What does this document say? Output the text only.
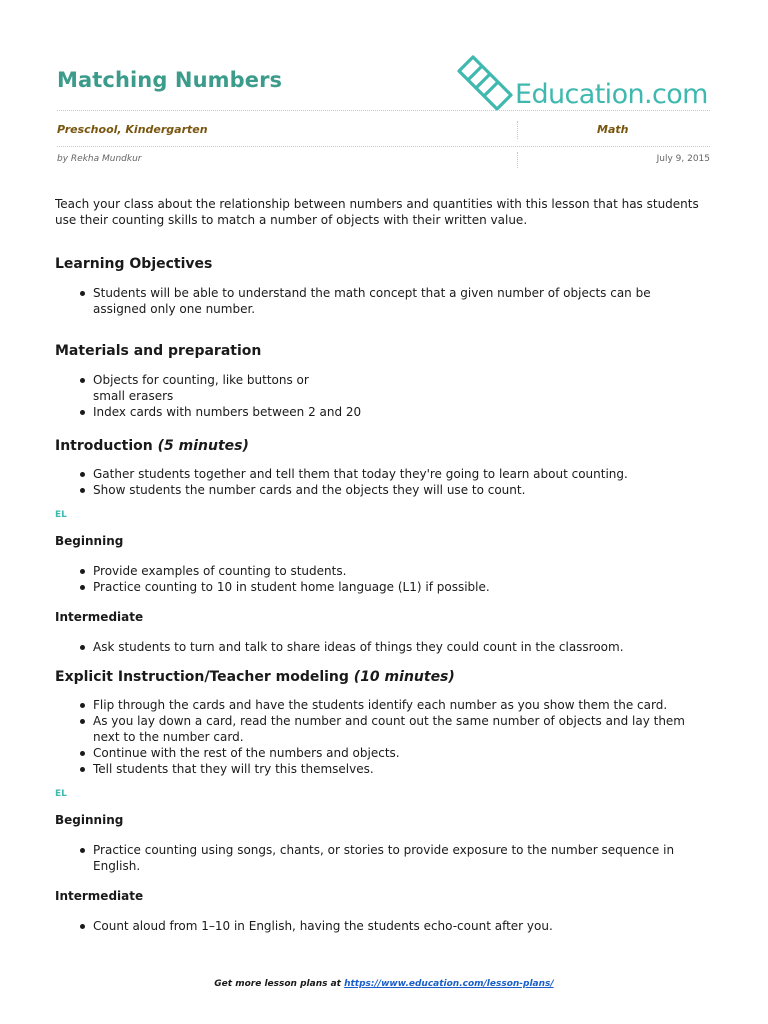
Matching Numbers	Education.com
Preschool, Kindergarten	Math
by Rekha Mundkur	July 9, 2015

Teach your class about the relationship between numbers and quantities with this lesson that has students use their counting skills to match a number of objects with their written value.

Learning Objectives
Students will be able to understand the math concept that a given number of objects can be assigned only one number.
Materials and preparation
Objects for counting, like buttons or small erasers
Index cards with numbers between 2 and 20
Introduction (5 minutes)
Gather students together and tell them that today they're going to learn about counting.
Show students the number cards and the objects they will use to count.
EL
Beginning
Provide examples of counting to students.
Practice counting to 10 in student home language (L1) if possible.
Intermediate
Ask students to turn and talk to share ideas of things they could count in the classroom.
Explicit Instruction/Teacher modeling (10 minutes)
Flip through the cards and have the students identify each number as you show them the card.
As you lay down a card, read the number and count out the same number of objects and lay them next to the number card.
Continue with the rest of the numbers and objects.
Tell students that they will try this themselves.
EL
Beginning
Practice counting using songs, chants, or stories to provide exposure to the number sequence in English.
Intermediate
Count aloud from 1–10 in English, having the students echo-count after you.
Get more lesson plans at https://www.education.com/lesson-plans/
